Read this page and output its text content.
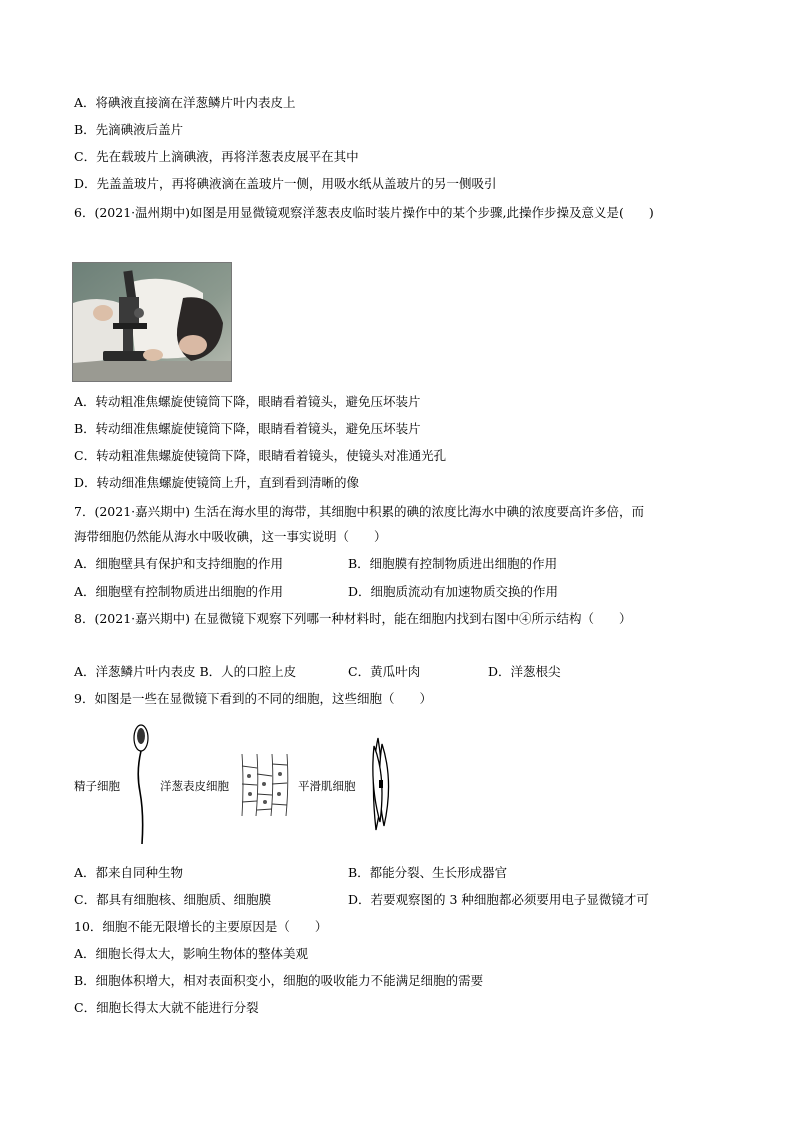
A．将碘液直接滴在洋葱鳞片叶内表皮上
B．先滴碘液后盖片
C．先在载玻片上滴碘液，再将洋葱表皮展平在其中
D．先盖盖玻片，再将碘液滴在盖玻片一侧，用吸水纸从盖玻片的另一侧吸引
6．(2021·温州期中)如图是用显微镜观察洋葱表皮临时装片操作中的某个步骤,此操作步操及意义是(　　)
A．转动粗准焦螺旋使镜筒下降，眼睛看着镜头，避免压坏装片
B．转动细准焦螺旋使镜筒下降，眼睛看着镜头，避免压坏装片
C．转动粗准焦螺旋使镜筒下降，眼睛看着镜头，使镜头对准通光孔
D．转动细准焦螺旋使镜筒上升，直到看到清晰的像
7．(2021·嘉兴期中) 生活在海水里的海带，其细胞中积累的碘的浓度比海水中碘的浓度要高许多倍，而
海带细胞仍然能从海水中吸收碘，这一事实说明（　　）
A．细胞壁具有保护和支持细胞的作用	B．细胞膜有控制物质进出细胞的作用
A．细胞壁有控制物质进出细胞的作用	D．细胞质流动有加速物质交换的作用
8．(2021·嘉兴期中) 在显微镜下观察下列哪一种材料时，能在细胞内找到右图中④所示结构（　　）
A．洋葱鳞片叶内表皮 B．人的口腔上皮	C．黄瓜叶肉	D．洋葱根尖
9．如图是一些在显微镜下看到的不同的细胞，这些细胞（　　）
精子细胞	洋葱表皮细胞	平滑肌细胞
A．都来自同种生物	B．都能分裂、生长形成器官
C．都具有细胞核、细胞质、细胞膜	D．若要观察图的 3 种细胞都必须要用电子显微镜才可
10．细胞不能无限增长的主要原因是（　　）
A．细胞长得太大，影响生物体的整体美观
B．细胞体积增大，相对表面积变小，细胞的吸收能力不能满足细胞的需要
C．细胞长得太大就不能进行分裂
